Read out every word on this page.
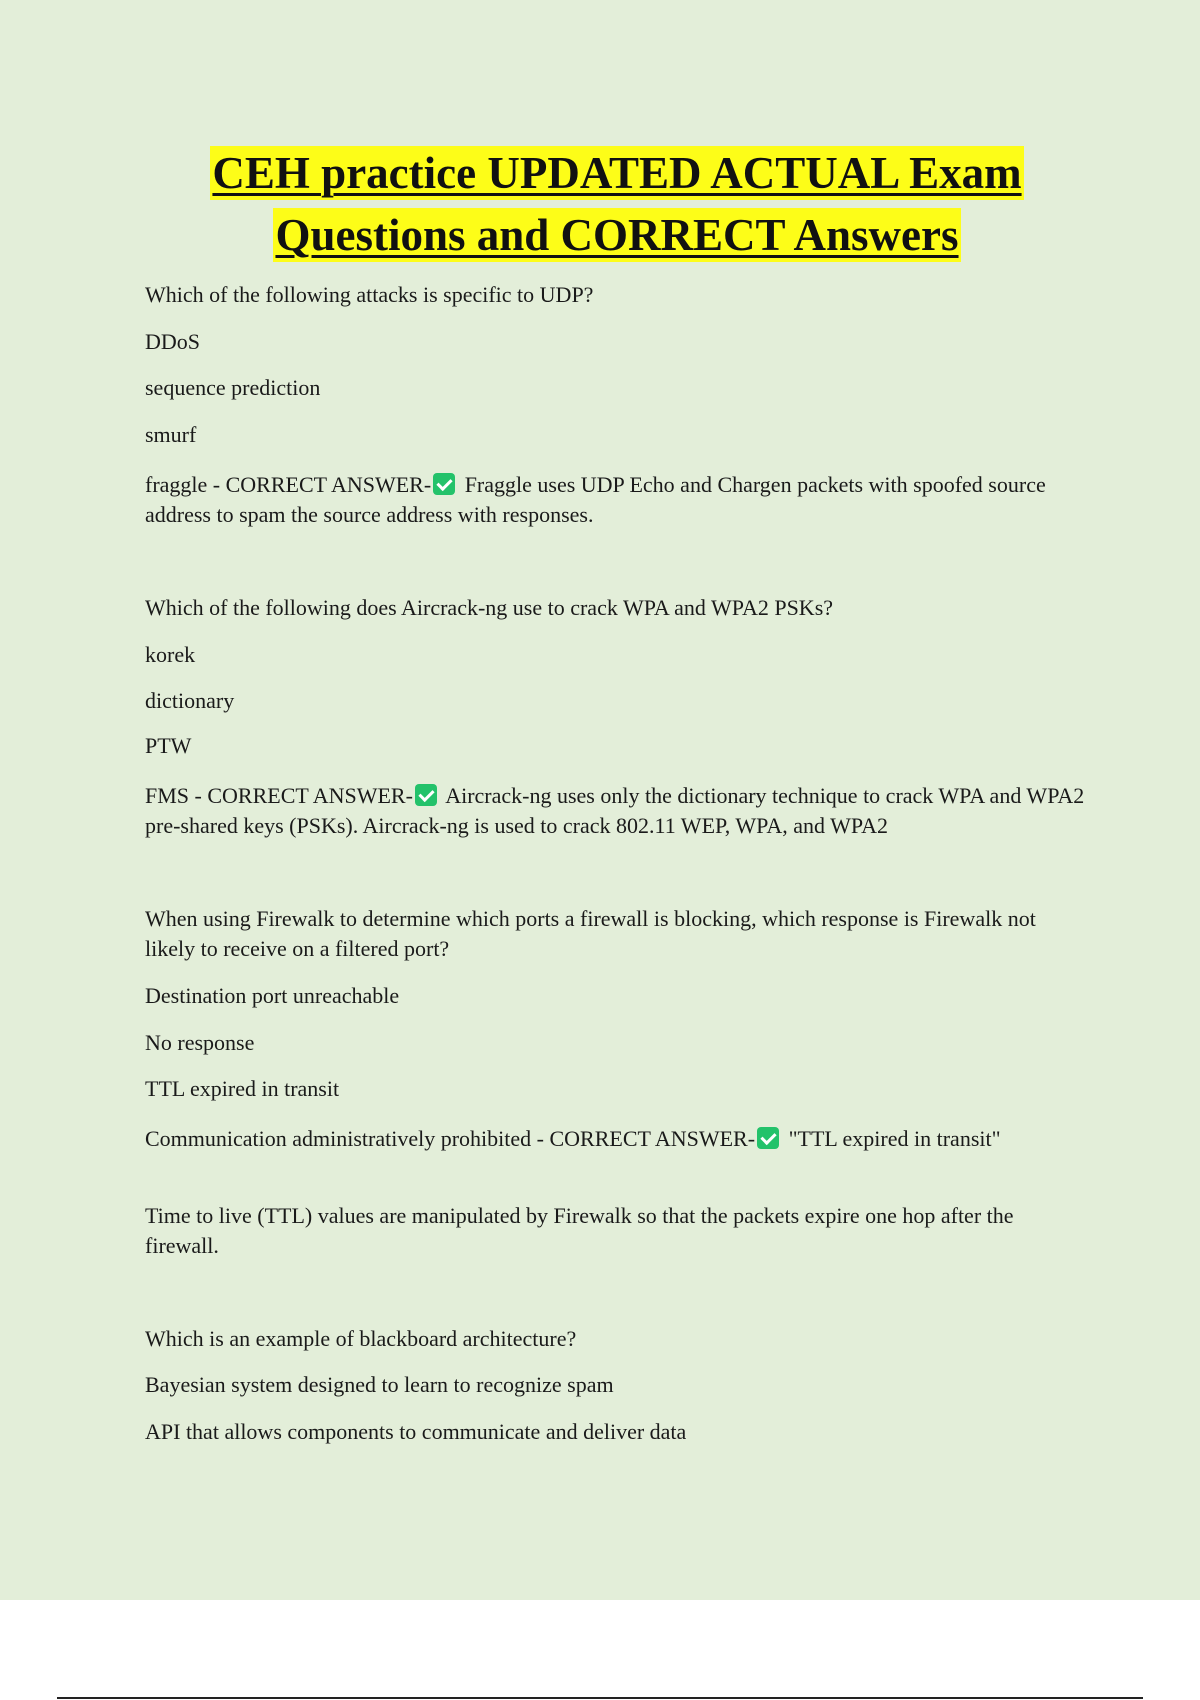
CEH practice UPDATED ACTUAL Exam
Questions and CORRECT Answers

Which of the following attacks is specific to UDP?

DDoS

sequence prediction

smurf

fraggle - CORRECT ANSWER- Fraggle uses UDP Echo and Chargen packets with spoofed source address to spam the source address with responses.

Which of the following does Aircrack-ng use to crack WPA and WPA2 PSKs?

korek

dictionary

PTW

FMS - CORRECT ANSWER- Aircrack-ng uses only the dictionary technique to crack WPA and WPA2 pre-shared keys (PSKs). Aircrack-ng is used to crack 802.11 WEP, WPA, and WPA2

When using Firewalk to determine which ports a firewall is blocking, which response is Firewalk not likely to receive on a filtered port?

Destination port unreachable

No response

TTL expired in transit

Communication administratively prohibited - CORRECT ANSWER- "TTL expired in transit"

Time to live (TTL) values are manipulated by Firewalk so that the packets expire one hop after the firewall.

Which is an example of blackboard architecture?

Bayesian system designed to learn to recognize spam

API that allows components to communicate and deliver data
